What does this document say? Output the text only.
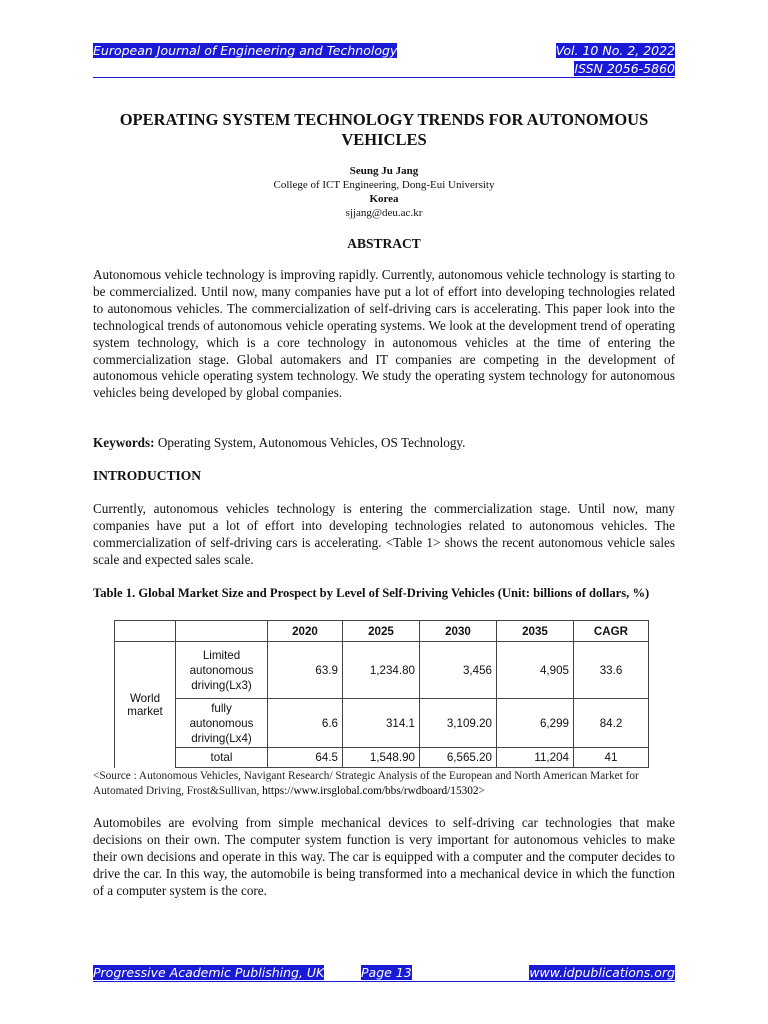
European Journal of Engineering and Technology	Vol. 10 No. 2, 2022
ISSN 2056-5860
OPERATING SYSTEM TECHNOLOGY TRENDS FOR AUTONOMOUS
VEHICLES
Seung Ju Jang
College of ICT Engineering, Dong-Eui University
Korea
sjjang@deu.ac.kr
ABSTRACT
Autonomous vehicle technology is improving rapidly. Currently, autonomous vehicle technology is starting to be commercialized. Until now, many companies have put a lot of effort into developing technologies related to autonomous vehicles. The commercialization of self-driving cars is accelerating. This paper look into the technological trends of autonomous vehicle operating systems. We look at the development trend of operating system technology, which is a core technology in autonomous vehicles at the time of entering the commercialization stage. Global automakers and IT companies are competing in the development of autonomous vehicle operating system technology. We study the operating system technology for autonomous vehicles being developed by global companies.
Keywords: Operating System, Autonomous Vehicles, OS Technology.
INTRODUCTION
Currently, autonomous vehicles technology is entering the commercialization stage. Until now, many companies have put a lot of effort into developing technologies related to autonomous vehicles. The commercialization of self-driving cars is accelerating. <Table 1> shows the recent autonomous vehicle sales scale and expected sales scale.
Table 1. Global Market Size and Prospect by Level of Self-Driving Vehicles (Unit: billions of dollars, %)
		2020	2025	2030	2035	CAGR
World market	Limited autonomous driving(Lx3)	63.9	1,234.80	3,456	4,905	33.6
	fully autonomous driving(Lx4)	6.6	314.1	3,109.20	6,299	84.2
	total	64.5	1,548.90	6,565.20	11,204	41
<Source : Autonomous Vehicles, Navigant Research/ Strategic Analysis of the European and North American Market for Automated Driving, Frost&Sullivan, https://www.irsglobal.com/bbs/rwdboard/15302>
Automobiles are evolving from simple mechanical devices to self-driving car technologies that make decisions on their own. The computer system function is very important for autonomous vehicles to make their own decisions and operate in this way. The car is equipped with a computer and the computer decides to drive the car. In this way, the automobile is being transformed into a mechanical device in which the function of a computer system is the core.
Progressive Academic Publishing, UK	Page 13	www.idpublications.org
